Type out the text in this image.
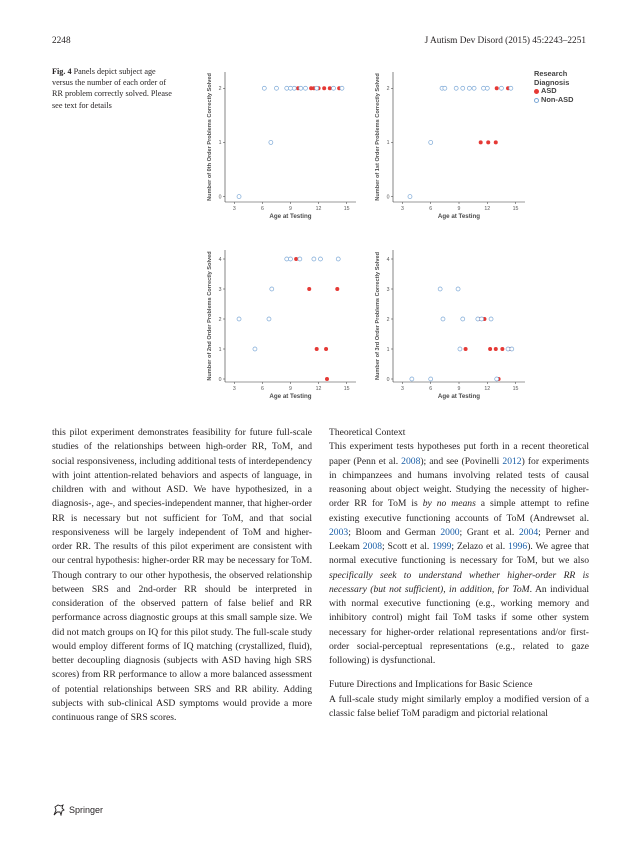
2248	J Autism Dev Disord (2015) 45:2243–2251
Fig. 4 Panels depict subject age versus the number of each order of RR problem correctly solved. Please see text for details
3	6	9	12	15
0
1
2
Age at Testing
Number of 0th Order Problems Correctly Solved
3	6	9	12	15
0
1
2
Age at Testing
Number of 1st Order Problems Correctly Solved
3	6	9	12	15
0
1
2
3
4
Age at Testing
Number of 2nd Order Problems Correctly Solved
3	6	9	12	15
0
1
2
3
4
Age at Testing
Number of 3rd Order Problems Correctly Solved
Research
Diagnosis
ASD
Non-ASD

this pilot experiment demonstrates feasibility for future full-scale studies of the relationships between high-order RR, ToM, and social responsiveness, including additional tests of interdependency with joint attention-related behaviors and aspects of language, in children with and without ASD. We have hypothesized, in a diagnosis-, age-, and species-independent manner, that higher-order RR is necessary but not sufficient for ToM, and that social responsiveness will be largely independent of ToM and higher-order RR. The results of this pilot experiment are consistent with our central hypothesis: higher-order RR may be necessary for ToM. Though contrary to our other hypothesis, the observed relationship between SRS and 2nd-order RR should be interpreted in consideration of the observed pattern of false belief and RR performance across diagnostic groups at this small sample size. We did not match groups on IQ for this pilot study. The full-scale study would employ different forms of IQ matching (crystallized, fluid), better decoupling diagnosis (subjects with ASD having high SRS scores) from RR performance to allow a more balanced assessment of potential relationships between SRS and RR ability. Adding subjects with sub-clinical ASD symptoms would provide a more continuous range of SRS scores.

Theoretical Context

This experiment tests hypotheses put forth in a recent theoretical paper (Penn et al. 2008); and see (Povinelli 2012) for experiments in chimpanzees and humans involving related tests of causal reasoning about object weight. Studying the necessity of higher-order RR for ToM is by no means a simple attempt to refine existing executive functioning accounts of ToM (Andrewset al. 2003; Bloom and German 2000; Grant et al. 2004; Perner and Leekam 2008; Scott et al. 1999; Zelazo et al. 1996). We agree that normal executive functioning is necessary for ToM, but we also specifically seek to understand whether higher-order RR is necessary (but not sufficient), in addition, for ToM. An individual with normal executive functioning (e.g., working memory and inhibitory control) might fail ToM tasks if some other system necessary for higher-order relational representations and/or first-order social-perceptual representations (e.g., related to gaze following) is dysfunctional.

Future Directions and Implications for Basic Science

A full-scale study might similarly employ a modified version of a classic false belief ToM paradigm and pictorial relational

Springer
